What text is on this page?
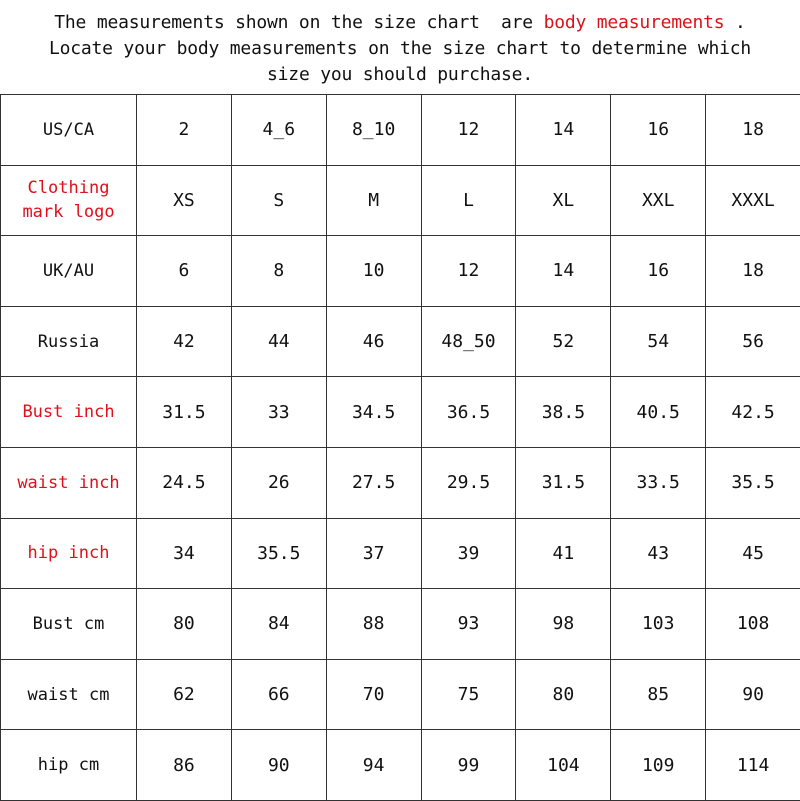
The measurements shown on the size chart  are body measurements .
Locate your body measurements on the size chart to determine which
size you should purchase.
US/CA	2	4_6	8_10	12	14	16	18

Clothing
mark logo	XS	S	M	L	XL	XXL	XXXL
UK/AU	6	8	10	12	14	16	18
Russia	42	44	46	48_50	52	54	56
Bust inch	31.5	33	34.5	36.5	38.5	40.5	42.5
waist inch	24.5	26	27.5	29.5	31.5	33.5	35.5
hip inch	34	35.5	37	39	41	43	45
Bust cm	80	84	88	93	98	103	108
waist cm	62	66	70	75	80	85	90
hip cm	86	90	94	99	104	109	114
